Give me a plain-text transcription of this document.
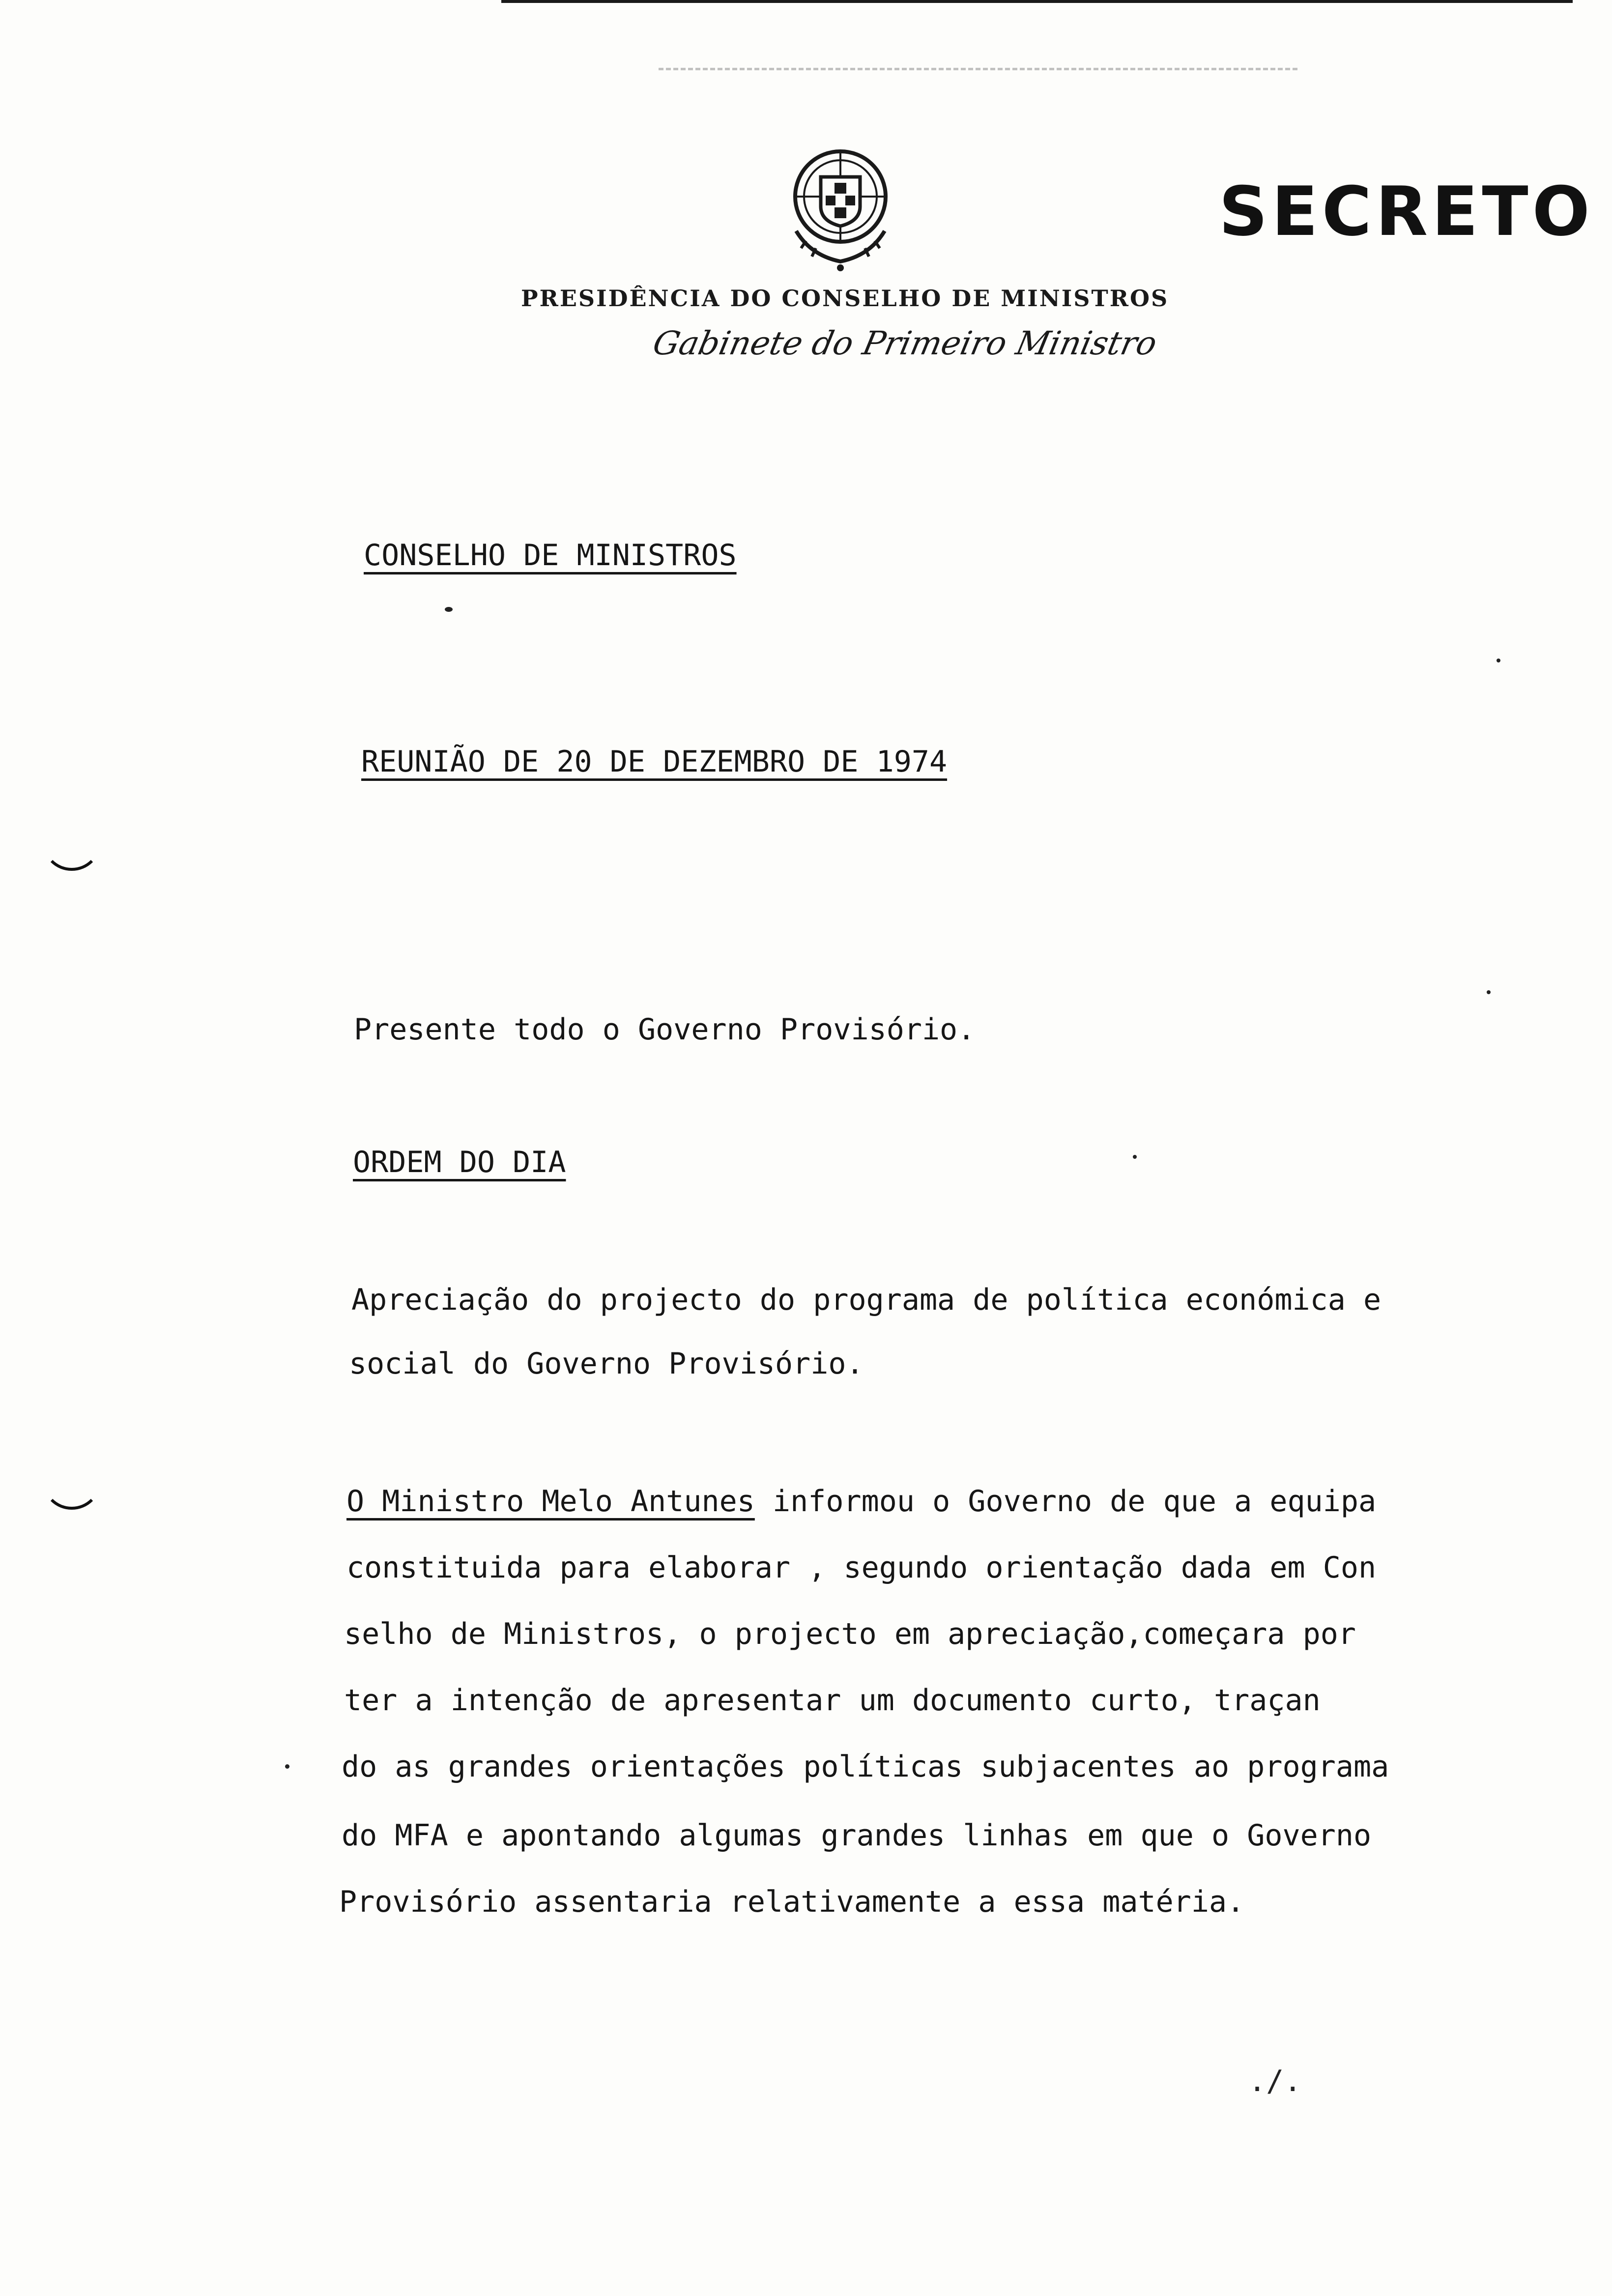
SECRETO
PRESIDÊNCIA DO CONSELHO DE MINISTROS
Gabinete do Primeiro Ministro
CONSELHO DE MINISTROS
REUNIÃO DE 20 DE DEZEMBRO DE 1974
Presente todo o Governo Provisório.
ORDEM DO DIA
Apreciação do projecto do programa de política económica e
social do Governo Provisório.
O Ministro Melo Antunes informou o Governo de que a equipa
constituida para elaborar , segundo orientação dada em Con
selho de Ministros, o projecto em apreciação,começara por
ter a intenção de apresentar um documento curto, traçan
do as grandes orientações políticas subjacentes ao programa
do MFA e apontando algumas grandes linhas em que o Governo
Provisório assentaria relativamente a essa matéria.
./.
